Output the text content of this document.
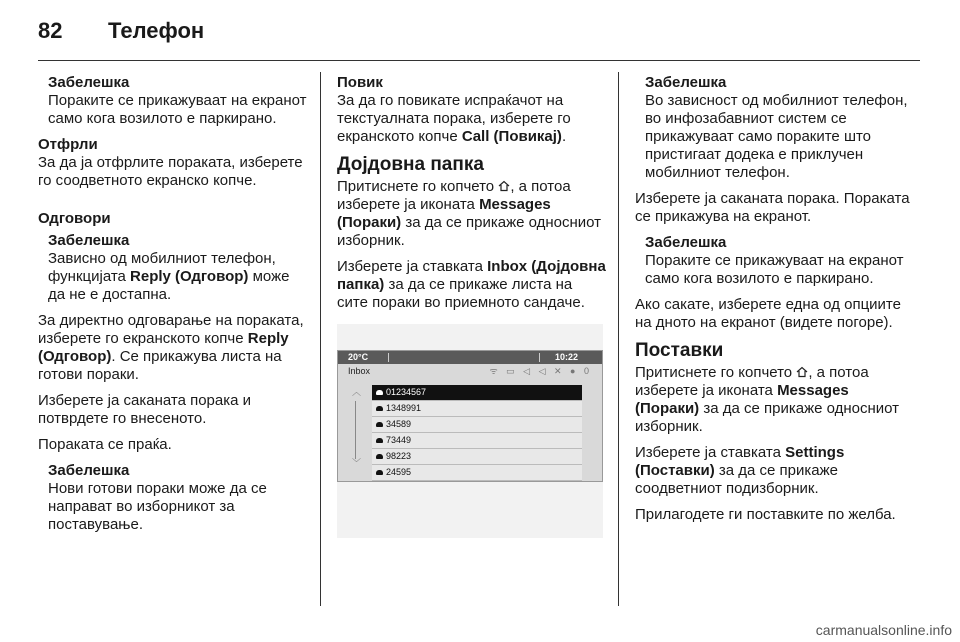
82	Телефон
Забелешка
Пораките се прикажуваат на екранот само кога возилото е паркирано.
Отфрли

За да ја отфрлите пораката, изберете го соодветното екранско копче.

Одговори
Забелешка
Зависно од мобилниот телефон, функцијата Reply (Одговор) може да не е достапна.

За директно одговарање на пораката, изберете го екранското копче Reply (Одговор). Се прикажува листа на готови пораки.

Изберете ја саканата порака и потврдете го внесеното.

Пораката се праќа.

Забелешка
Нови готови пораки може да се направат во изборникот за поставување.
Повик

За да го повикате испраќачот на текстуалната порака, изберете го екранското копче Call (Повикај).

Дојдовна папка

Притиснете го копчето , а потоа изберете ја иконата Messages (Пораки) за да се прикаже односниот изборник.

Изберете ја ставката Inbox (Дојдовна папка) за да се прикаже листа на сите пораки во приемното сандаче.

20°C	10:22
Inbox	ᯤ ▭ ◁ ◁ ✕ ● 0
︿
﹀
01234567
1348991
34589
73449
98223
24595
Забелешка
Во зависност од мобилниот телефон, во инфозабавниот систем се прикажуваат само пораките што пристигаат додека е приклучен мобилниот телефон.

Изберете ја саканата порака. Пораката се прикажува на екранот.

Забелешка
Пораките се прикажуваат на екранот само кога возилото е паркирано.

Ако сакате, изберете една од опциите на дното на екранот (видете погоре).

Поставки

Притиснете го копчето , а потоа изберете ја иконата Messages (Пораки) за да се прикаже односниот изборник.

Изберете ја ставката Settings (Поставки) за да се прикаже соодветниот подизборник.

Прилагодете ги поставките по желба.

carmanualsonline.info
